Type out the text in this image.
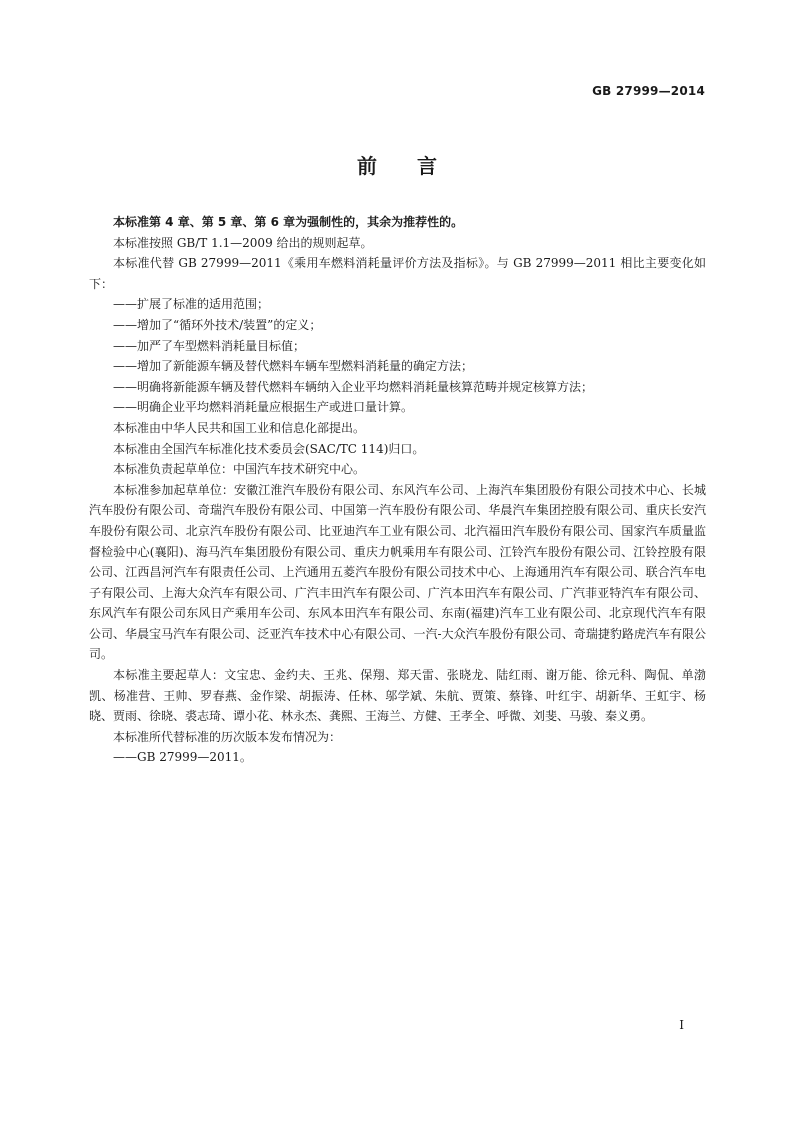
GB 27999—2014
前　　言

本标准第 4 章、第 5 章、第 6 章为强制性的，其余为推荐性的。

本标准按照 GB/T 1.1—2009 给出的规则起草。

本标准代替 GB 27999—2011《乘用车燃料消耗量评价方法及指标》。与 GB 27999—2011 相比主要变化如下：

——扩展了标准的适用范围；

——增加了“循环外技术/装置”的定义；

——加严了车型燃料消耗量目标值；

——增加了新能源车辆及替代燃料车辆车型燃料消耗量的确定方法；

——明确将新能源车辆及替代燃料车辆纳入企业平均燃料消耗量核算范畴并规定核算方法；

——明确企业平均燃料消耗量应根据生产或进口量计算。

本标准由中华人民共和国工业和信息化部提出。

本标准由全国汽车标准化技术委员会(SAC/TC 114)归口。

本标准负责起草单位：中国汽车技术研究中心。

本标准参加起草单位：安徽江淮汽车股份有限公司、东风汽车公司、上海汽车集团股份有限公司技术中心、长城汽车股份有限公司、奇瑞汽车股份有限公司、中国第一汽车股份有限公司、华晨汽车集团控股有限公司、重庆长安汽车股份有限公司、北京汽车股份有限公司、比亚迪汽车工业有限公司、北汽福田汽车股份有限公司、国家汽车质量监督检验中心(襄阳)、海马汽车集团股份有限公司、重庆力帆乘用车有限公司、江铃汽车股份有限公司、江铃控股有限公司、江西昌河汽车有限责任公司、上汽通用五菱汽车股份有限公司技术中心、上海通用汽车有限公司、联合汽车电子有限公司、上海大众汽车有限公司、广汽丰田汽车有限公司、广汽本田汽车有限公司、广汽菲亚特汽车有限公司、东风汽车有限公司东风日产乘用车公司、东风本田汽车有限公司、东南(福建)汽车工业有限公司、北京现代汽车有限公司、华晨宝马汽车有限公司、泛亚汽车技术中心有限公司、一汽-大众汽车股份有限公司、奇瑞捷豹路虎汽车有限公司。

本标准主要起草人：文宝忠、金约夫、王兆、保翔、郑天雷、张晓龙、陆红雨、谢万能、徐元科、陶侃、单渤凯、杨准营、王帅、罗春燕、金作梁、胡振涛、任林、邬学斌、朱航、贾策、蔡锋、叶红宇、胡新华、王虹宇、杨晓、贾雨、徐晓、裘志琦、谭小花、林永杰、龚熙、王海兰、方健、王孝全、呼微、刘斐、马骏、秦义勇。

本标准所代替标准的历次版本发布情况为：

——GB 27999—2011。

I
